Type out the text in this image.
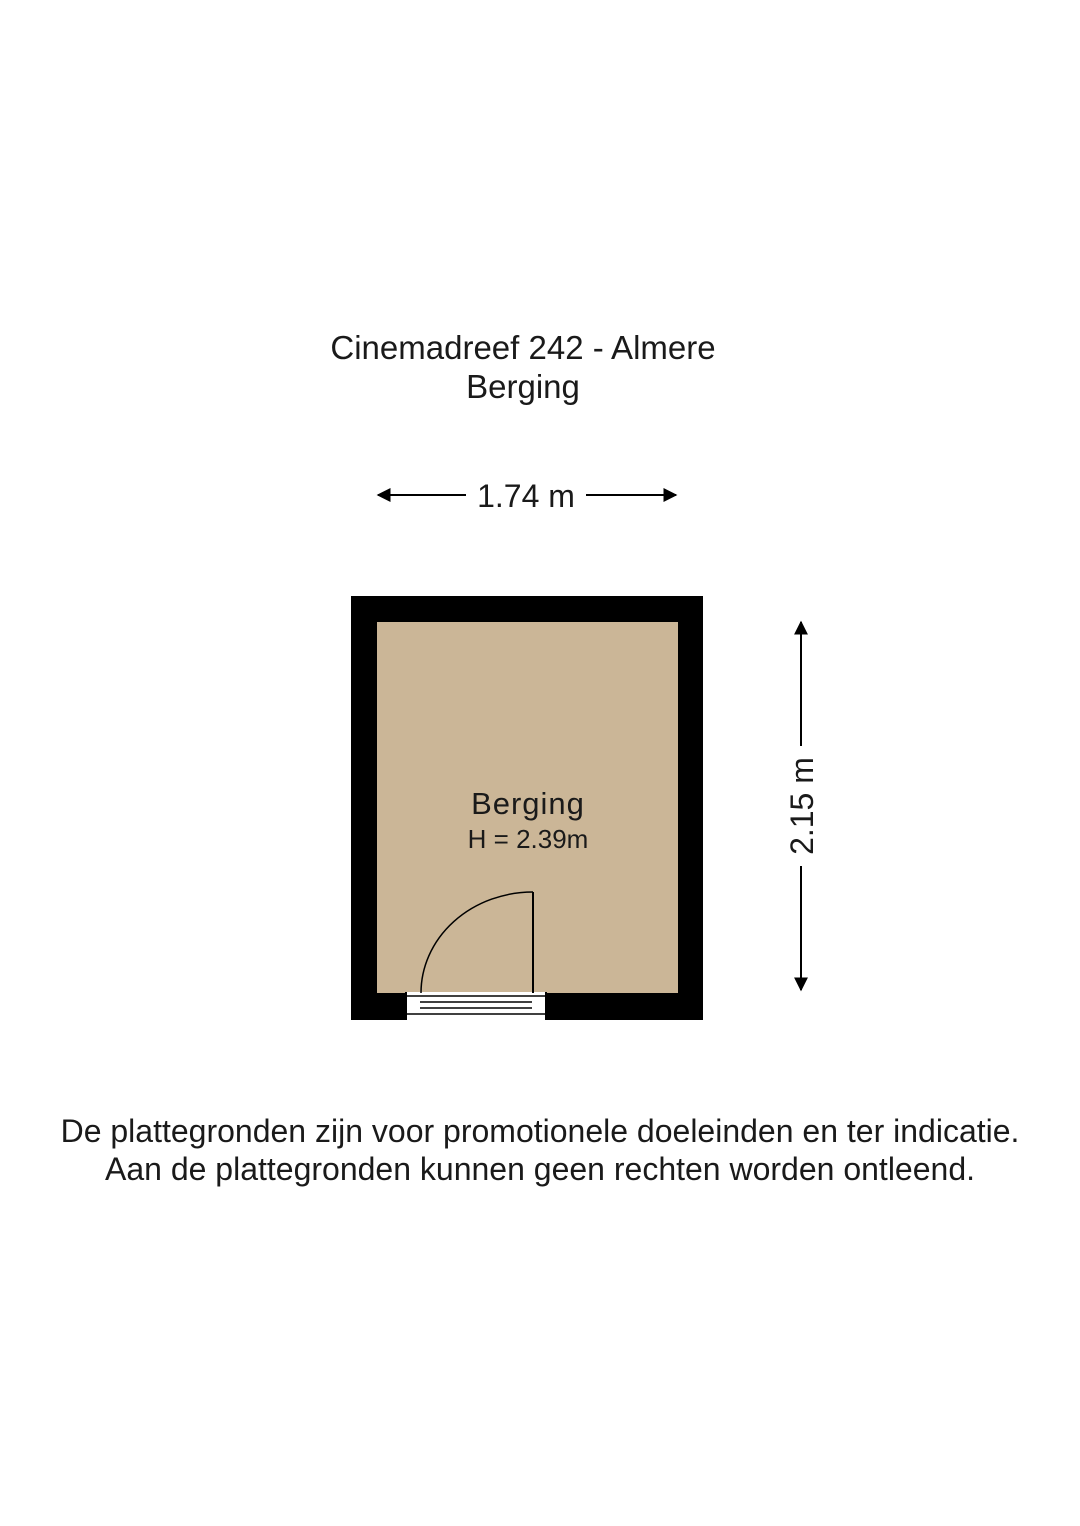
Cinemadreef 242 - Almere
Berging
1.74 m
2.15 m
Berging
H = 2.39m
De plattegronden zijn voor promotionele doeleinden en ter indicatie.
Aan de plattegronden kunnen geen rechten worden ontleend.
